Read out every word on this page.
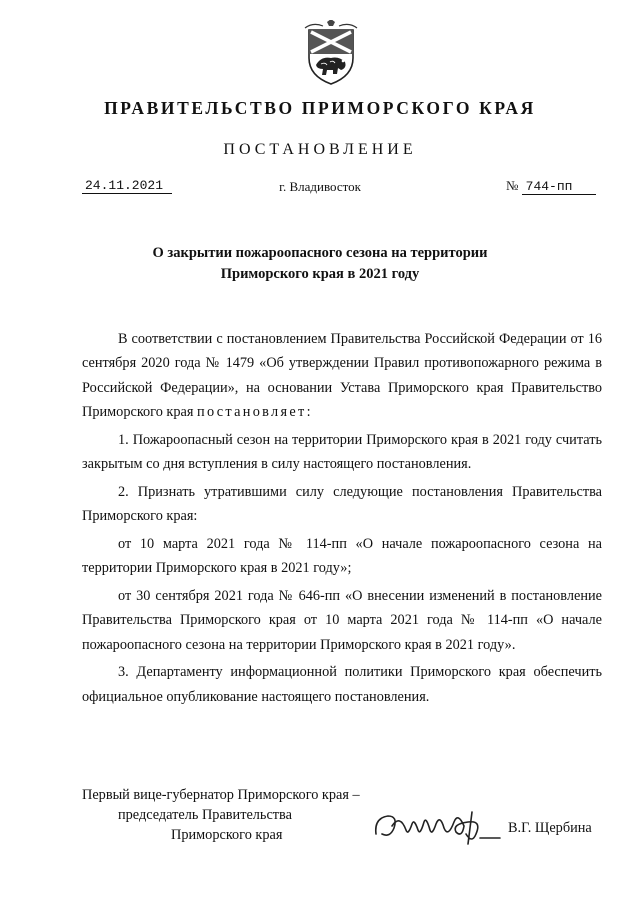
ПРАВИТЕЛЬСТВО ПРИМОРСКОГО КРАЯ
ПОСТАНОВЛЕНИЕ
24.11.2021	г. Владивосток	№ 744-пп
О закрытии пожароопасного сезона на территории
Приморского края в 2021 году

В соответствии с постановлением Правительства Российской Федерации от 16 сентября 2020 года № 1479 «Об утверждении Правил противопожарного режима в Российской Федерации», на основании Устава Приморского края Правительство Приморского края постановляет:

1. Пожароопасный сезон на территории Приморского края в 2021 году считать закрытым со дня вступления в силу настоящего постановления.

2. Признать утратившими силу следующие постановления Правительства Приморского края:

от 10 марта 2021 года № 114-пп «О начале пожароопасного сезона на территории Приморского края в 2021 году»;

от 30 сентября 2021 года № 646-пп «О внесении изменений в постановление Правительства Приморского края от 10 марта 2021 года № 114-пп «О начале пожароопасного сезона на территории Приморского края в 2021 году».

3. Департаменту информационной политики Приморского края обеспечить официальное опубликование настоящего постановления.

Первый вице-губернатор Приморского края –
председатель Правительства
Приморского края	В.Г. Щербина
